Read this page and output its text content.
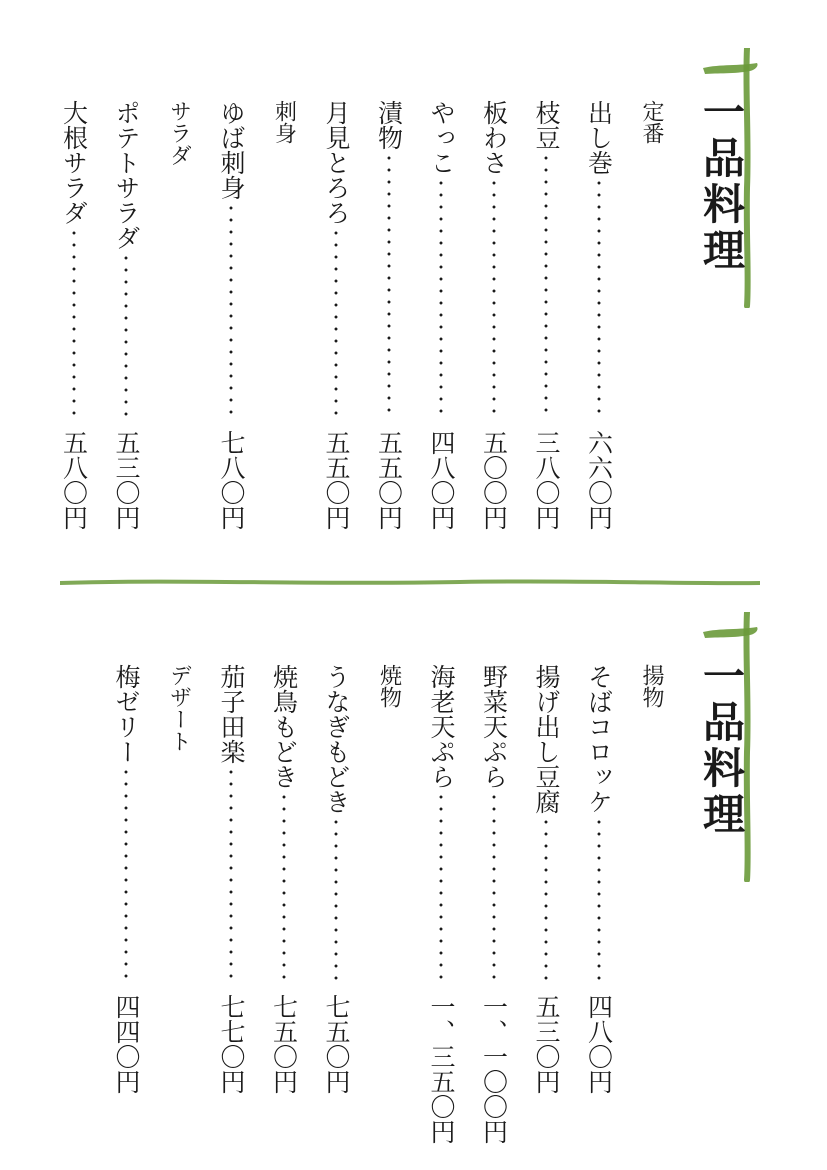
一品料理
定番
出し巻
六六〇円
枝豆
三八〇円
板わさ
五〇〇円
やっこ
四八〇円
漬物
五五〇円
月見とろろ
五五〇円
刺身
ゆば刺身
七八〇円
サラダ
ポテトサラダ
五三〇円
大根サラダ
五八〇円
一品料理
揚物
そばコロッケ
四八〇円
揚げ出し豆腐
五三〇円
野菜天ぷら
一、一〇〇円
海老天ぷら
一、三五〇円
焼物
うなぎもどき
七五〇円
焼鳥もどき
七五〇円
茄子田楽
七七〇円
デザート
梅ゼリー
四四〇円
